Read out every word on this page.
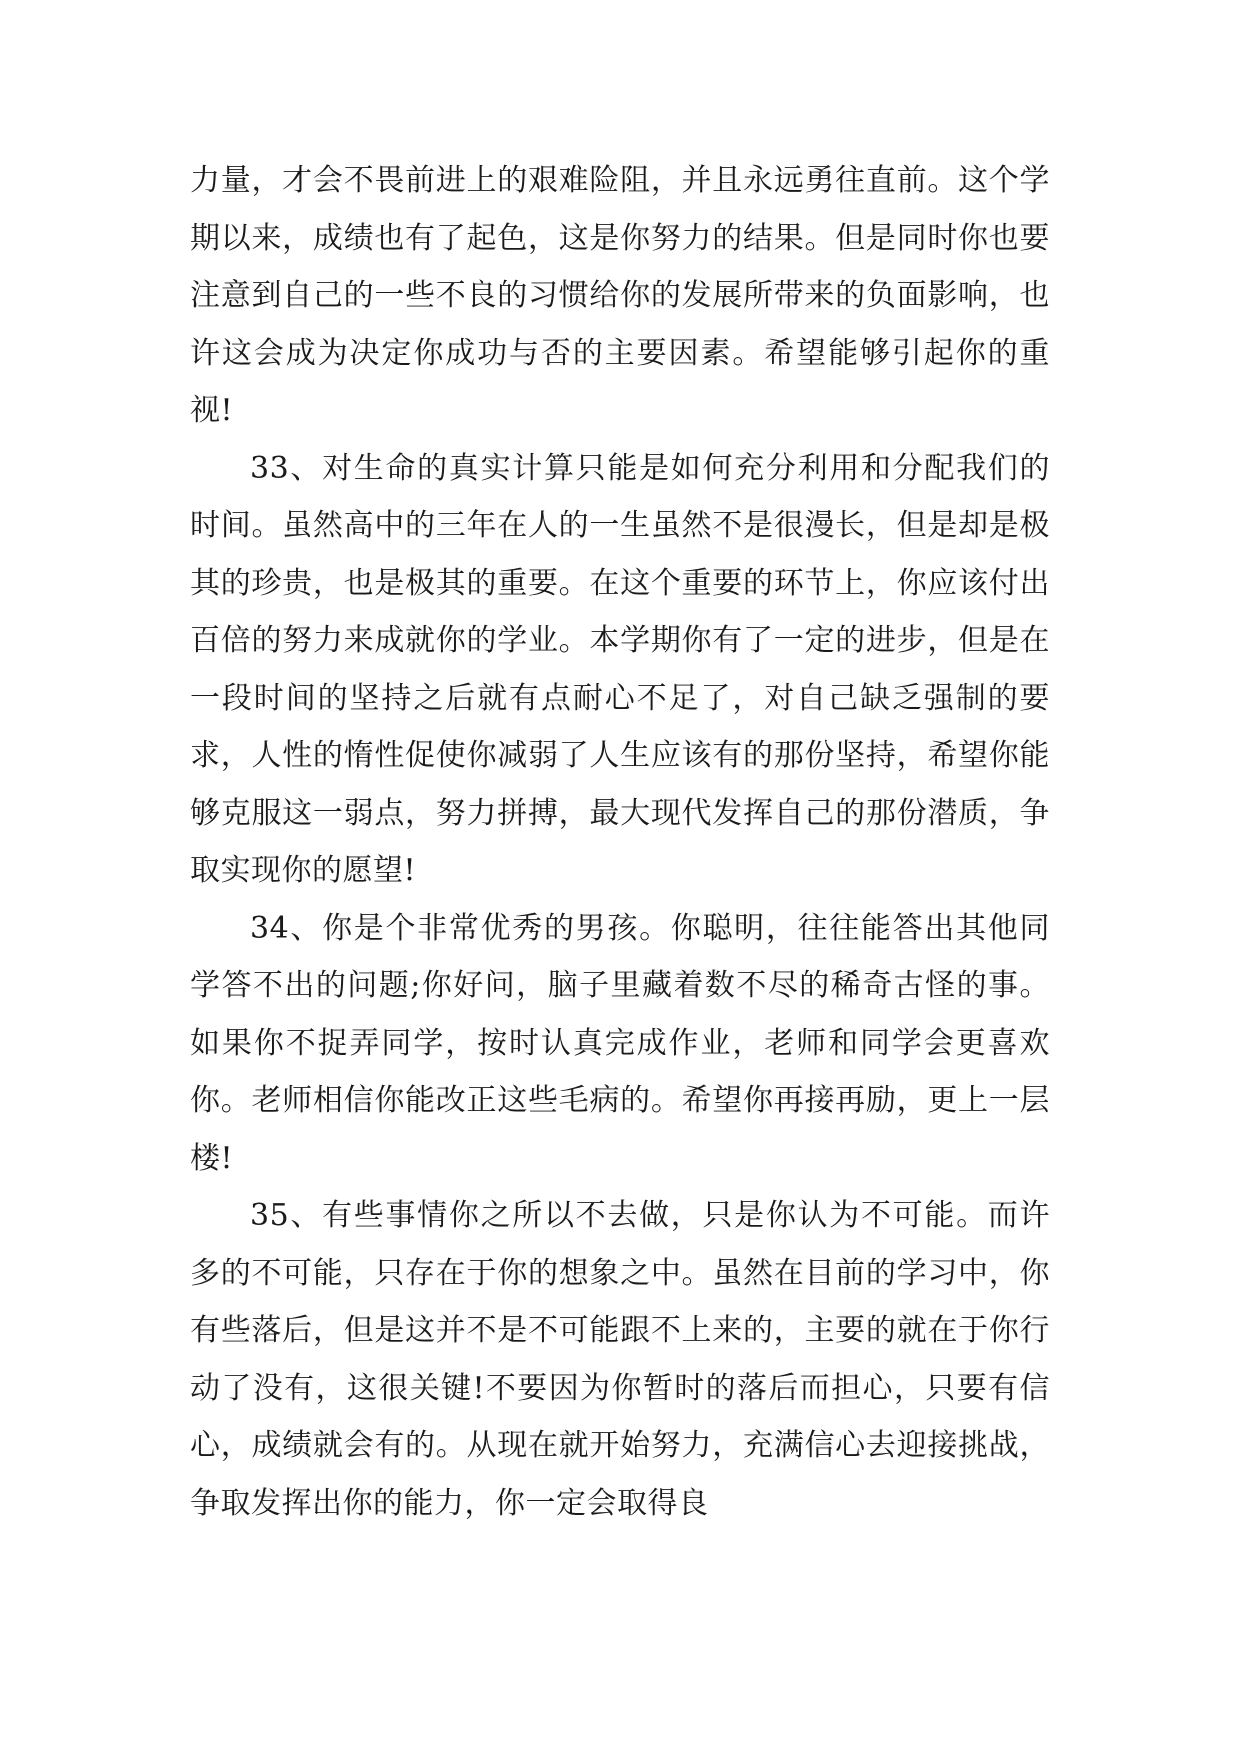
力量，才会不畏前进上的艰难险阻，并且永远勇往直前。这个学期以来，成绩也有了起色，这是你努力的结果。但是同时你也要注意到自己的一些不良的习惯给你的发展所带来的负面影响，也许这会成为决定你成功与否的主要因素。希望能够引起你的重视!

33、对生命的真实计算只能是如何充分利用和分配我们的时间。虽然高中的三年在人的一生虽然不是很漫长，但是却是极其的珍贵，也是极其的重要。在这个重要的环节上，你应该付出百倍的努力来成就你的学业。本学期你有了一定的进步，但是在一段时间的坚持之后就有点耐心不足了，对自己缺乏强制的要求，人性的惰性促使你减弱了人生应该有的那份坚持，希望你能够克服这一弱点，努力拼搏，最大现代发挥自己的那份潜质，争取实现你的愿望!

34、你是个非常优秀的男孩。你聪明，往往能答出其他同学答不出的问题;你好问，脑子里藏着数不尽的稀奇古怪的事。如果你不捉弄同学，按时认真完成作业，老师和同学会更喜欢你。老师相信你能改正这些毛病的。希望你再接再励，更上一层楼!

35、有些事情你之所以不去做，只是你认为不可能。而许多的不可能，只存在于你的想象之中。虽然在目前的学习中，你有些落后，但是这并不是不可能跟不上来的，主要的就在于你行动了没有，这很关键!不要因为你暂时的落后而担心，只要有信心，成绩就会有的。从现在就开始努力，充满信心去迎接挑战，争取发挥出你的能力，你一定会取得良
